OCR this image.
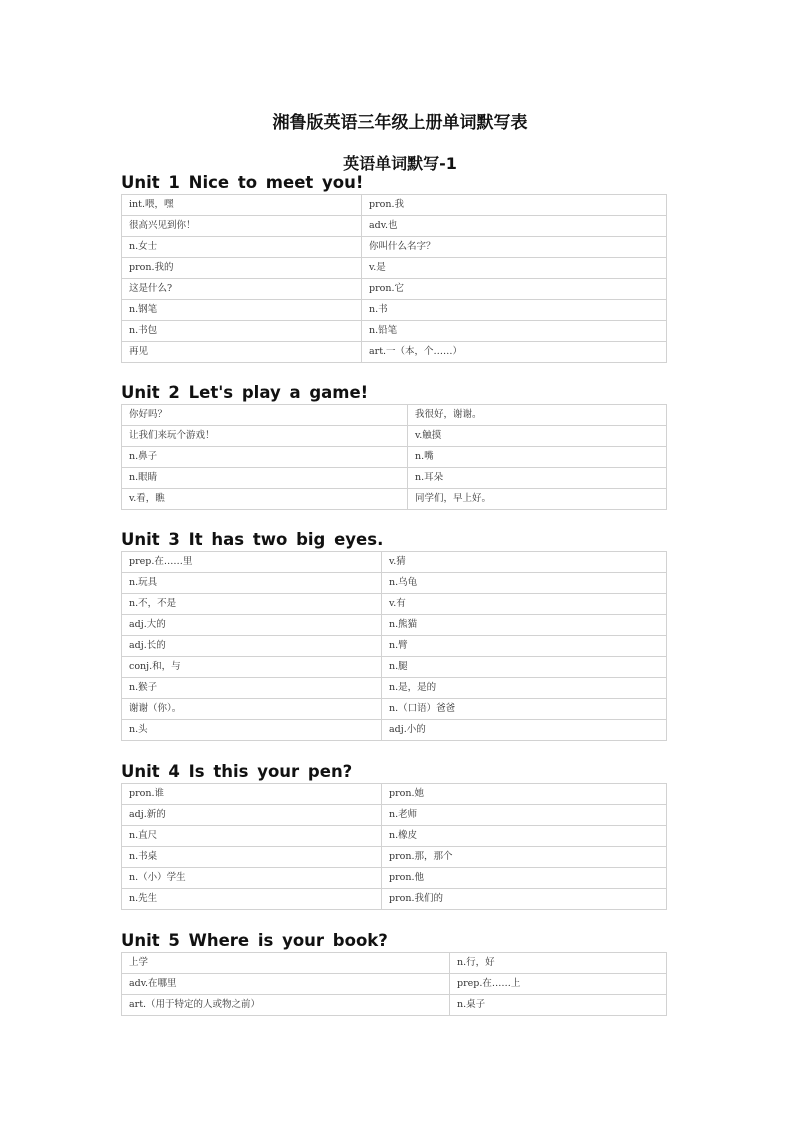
湘鲁版英语三年级上册单词默写表
英语单词默写-1
Unit 1 Nice to meet you!
int.喂，嘿	pron.我
很高兴见到你！	adv.也
n.女士	你叫什么名字？
pron.我的	v.是
这是什么?	pron.它
n.钢笔	n.书
n.书包	n.铅笔
再见	art.一（本，个……）
Unit 2 Let's play a game!
你好吗？	我很好，谢谢。
让我们来玩个游戏！	v.触摸
n.鼻子	n.嘴
n.眼睛	n.耳朵
v.看，瞧	同学们，早上好。
Unit 3 It has two big eyes.
prep.在……里	v.猜
n.玩具	n.乌龟
n.不，不是	v.有
adj.大的	n.熊猫
adj.长的	n.臂
conj.和，与	n.腿
n.猴子	n.是，是的
谢谢（你）。	n.（口语）爸爸
n.头	adj.小的
Unit 4 Is this your pen?
pron.谁	pron.她
adj.新的	n.老师
n.直尺	n.橡皮
n.书桌	pron.那，那个
n.（小）学生	pron.他
n.先生	pron.我们的
Unit 5 Where is your book?
上学	n.行，好
adv.在哪里	prep.在……上
art.（用于特定的人或物之前）	n.桌子
